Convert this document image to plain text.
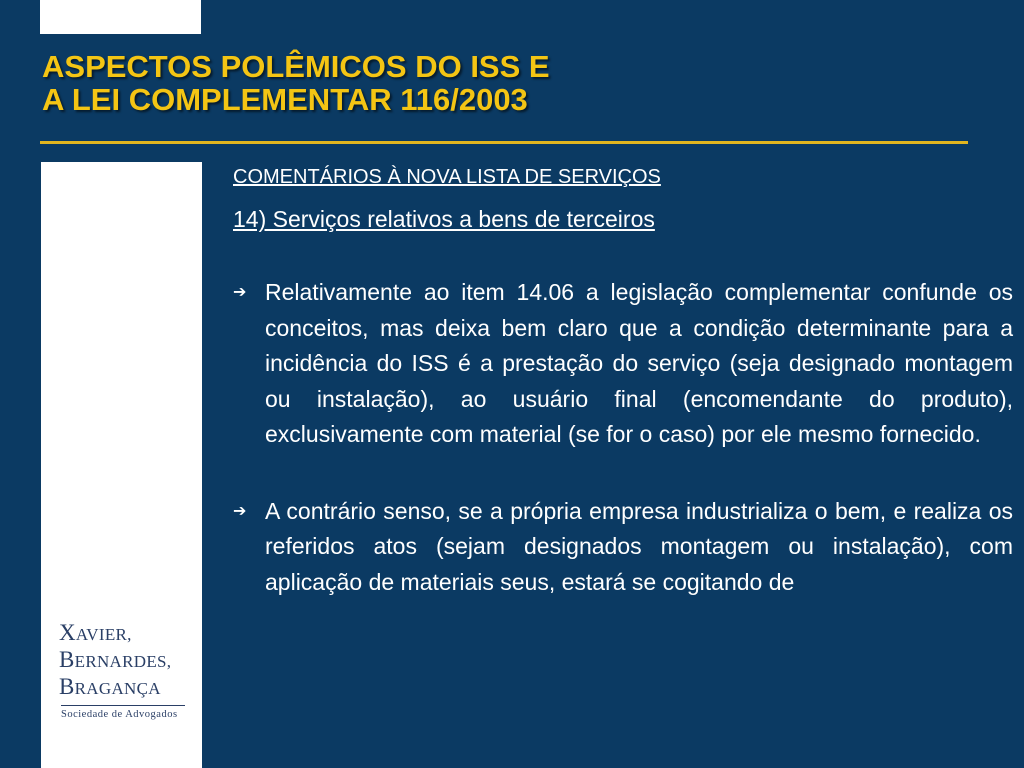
ASPECTOS POLÊMICOS DO ISS E
A LEI COMPLEMENTAR 116/2003
XAVIER,
BERNARDES,
BRAGANÇA
Sociedade de Advogados
COMENTÁRIOS À NOVA LISTA DE SERVIÇOS
14) Serviços relativos a bens de terceiros
➔ Relativamente ao item 14.06 a legislação complementar confunde os conceitos, mas deixa bem claro que a condição determinante para a incidência do ISS é a prestação do serviço (seja designado montagem ou instalação), ao usuário final (encomendante do produto), exclusivamente com material (se for o caso) por ele mesmo fornecido.
➔ A contrário senso, se a própria empresa industrializa o bem, e realiza os referidos atos (sejam designados montagem ou instalação), com aplicação de materiais seus, estará se cogitando de
